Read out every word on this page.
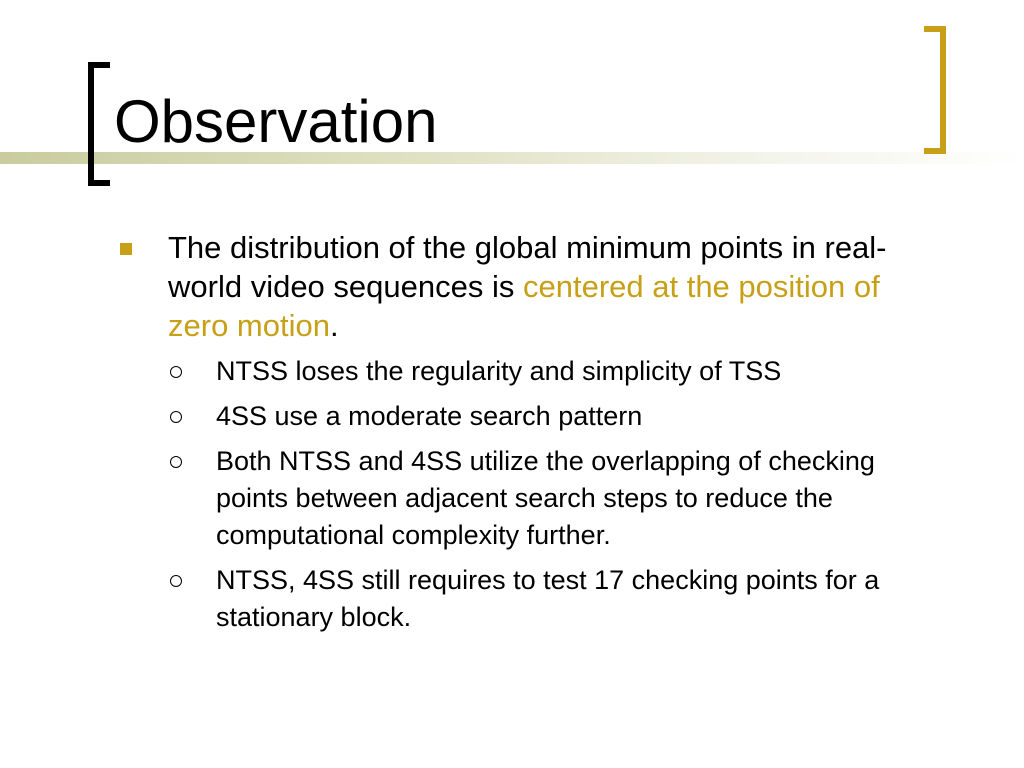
Observation

The distribution of the global minimum points in real-world video sequences is centered at the position of zero motion.

NTSS loses the regularity and simplicity of TSS

4SS use a moderate search pattern

Both NTSS and 4SS utilize the overlapping of checking points between adjacent search steps to reduce the computational complexity further.

NTSS, 4SS still requires to test 17 checking points for a stationary block.
